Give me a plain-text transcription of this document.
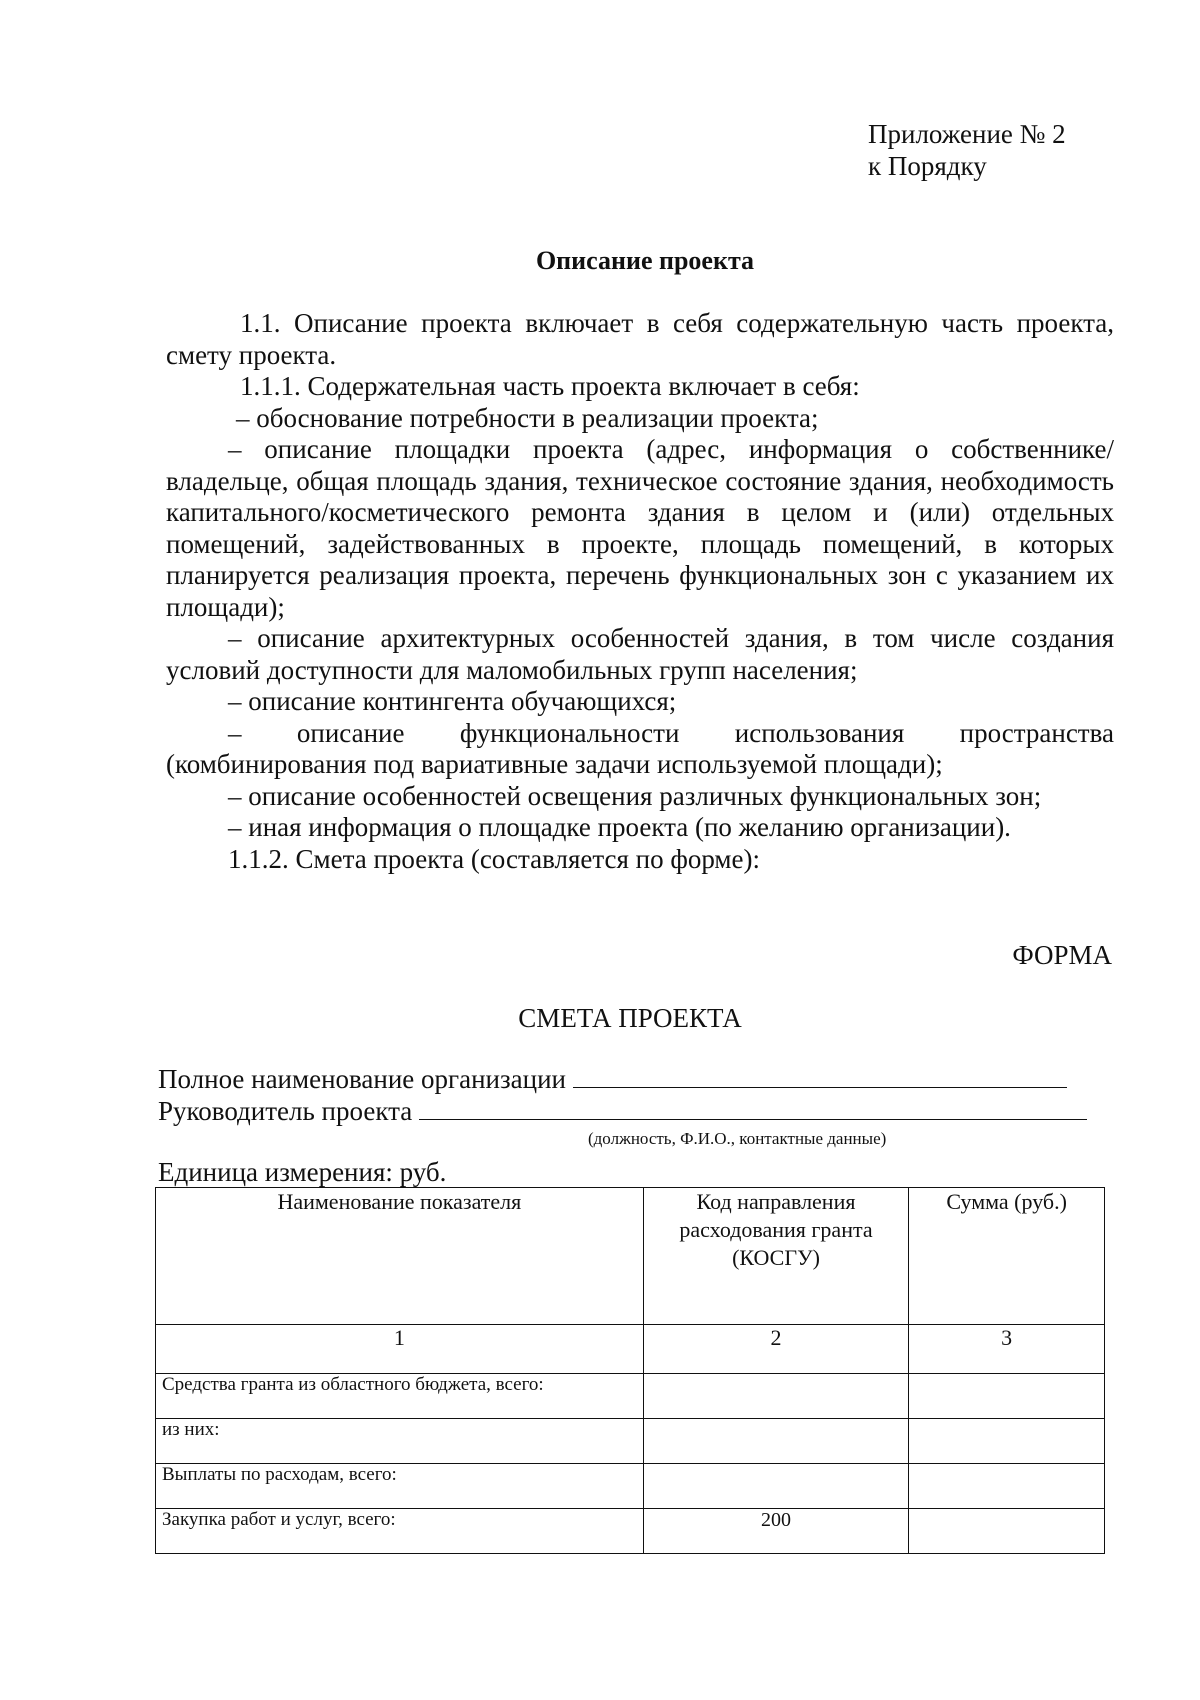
Приложение № 2
к Порядку
Описание проекта

1.1. Описание проекта включает в себя содержательную часть проекта, смету проекта.

1.1.1. Содержательная часть проекта включает в себя:

– обоснование потребности в реализации проекта;

– описание площадки проекта (адрес, информация о собственнике/владельце, общая площадь здания, техническое состояние здания, необходимость капитального/косметического ремонта здания в целом и (или) отдельных помещений, задействованных в проекте, площадь помещений, в которых планируется реализация проекта, перечень функциональных зон с указанием их площади);

– описание архитектурных особенностей здания, в том числе создания условий доступности для маломобильных групп населения;

– описание контингента обучающихся;

– описание функциональности использования пространства (комбинирования под вариативные задачи используемой площади);

– описание особенностей освещения различных функциональных зон;

– иная информация о площадке проекта (по желанию организации).

1.1.2. Смета проекта (составляется по форме):

ФОРМА
СМЕТА ПРОЕКТА
Полное наименование организации
Руководитель проекта
(должность, Ф.И.О., контактные данные)
Единица измерения: руб.
Наименование показателя	Код направления расходования гранта (КОСГУ)	Сумма (руб.)
1	2	3
Средства гранта из областного бюджета, всего:		
из них:		
Выплаты по расходам, всего:		
Закупка работ и услуг, всего:	200	
